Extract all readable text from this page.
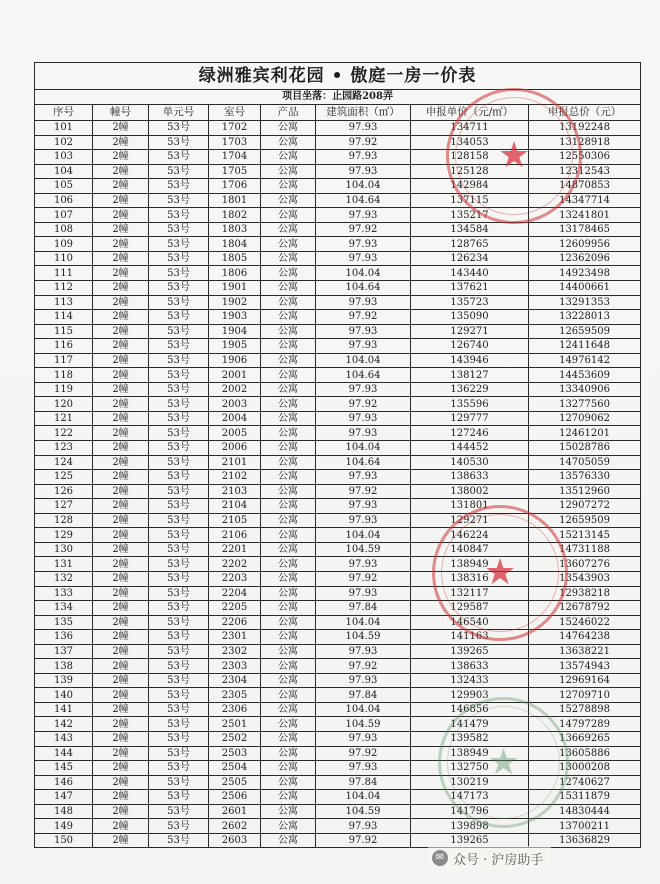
绿洲雅宾利花园 • 傲庭一房一价表							
项目坐落：止园路208弄							
序号	幢号	单元号	室号	产品	建筑面积（㎡）	申报单价（元/㎡）	申报总价（元）
101	2幢	53号	1702	公寓	97.93	134711	13192248
102	2幢	53号	1703	公寓	97.92	134053	13128918
103	2幢	53号	1704	公寓	97.93	128158	12550306
104	2幢	53号	1705	公寓	97.93	125128	12312543
105	2幢	53号	1706	公寓	104.04	142984	14870853
106	2幢	53号	1801	公寓	104.64	137115	14347714
107	2幢	53号	1802	公寓	97.93	135217	13241801
108	2幢	53号	1803	公寓	97.92	134584	13178465
109	2幢	53号	1804	公寓	97.93	128765	12609956
110	2幢	53号	1805	公寓	97.93	126234	12362096
111	2幢	53号	1806	公寓	104.04	143440	14923498
112	2幢	53号	1901	公寓	104.64	137621	14400661
113	2幢	53号	1902	公寓	97.93	135723	13291353
114	2幢	53号	1903	公寓	97.92	135090	13228013
115	2幢	53号	1904	公寓	97.93	129271	12659509
116	2幢	53号	1905	公寓	97.93	126740	12411648
117	2幢	53号	1906	公寓	104.04	143946	14976142
118	2幢	53号	2001	公寓	104.64	138127	14453609
119	2幢	53号	2002	公寓	97.93	136229	13340906
120	2幢	53号	2003	公寓	97.92	135596	13277560
121	2幢	53号	2004	公寓	97.93	129777	12709062
122	2幢	53号	2005	公寓	97.93	127246	12461201
123	2幢	53号	2006	公寓	104.04	144452	15028786
124	2幢	53号	2101	公寓	104.64	140530	14705059
125	2幢	53号	2102	公寓	97.93	138633	13576330
126	2幢	53号	2103	公寓	97.92	138002	13512960
127	2幢	53号	2104	公寓	97.93	131801	12907272
128	2幢	53号	2105	公寓	97.93	129271	12659509
129	2幢	53号	2106	公寓	104.04	146224	15213145
130	2幢	53号	2201	公寓	104.59	140847	14731188
131	2幢	53号	2202	公寓	97.93	138949	13607276
132	2幢	53号	2203	公寓	97.92	138316	13543903
133	2幢	53号	2204	公寓	97.93	132117	12938218
134	2幢	53号	2205	公寓	97.84	129587	12678792
135	2幢	53号	2206	公寓	104.04	146540	15246022
136	2幢	53号	2301	公寓	104.59	141163	14764238
137	2幢	53号	2302	公寓	97.93	139265	13638221
138	2幢	53号	2303	公寓	97.92	138633	13574943
139	2幢	53号	2304	公寓	97.93	132433	12969164
140	2幢	53号	2305	公寓	97.84	129903	12709710
141	2幢	53号	2306	公寓	104.04	146856	15278898
142	2幢	53号	2501	公寓	104.59	141479	14797289
143	2幢	53号	2502	公寓	97.93	139582	13669265
144	2幢	53号	2503	公寓	97.92	138949	13605886
145	2幢	53号	2504	公寓	97.93	132750	13000208
146	2幢	53号	2505	公寓	97.84	130219	12740627
147	2幢	53号	2506	公寓	104.04	147173	15311879
148	2幢	53号	2601	公寓	104.59	141796	14830444
149	2幢	53号	2602	公寓	97.93	139898	13700211
150	2幢	53号	2603	公寓	97.92	139265	13636829
★
★
★
✉ 众号 · 沪房助手
